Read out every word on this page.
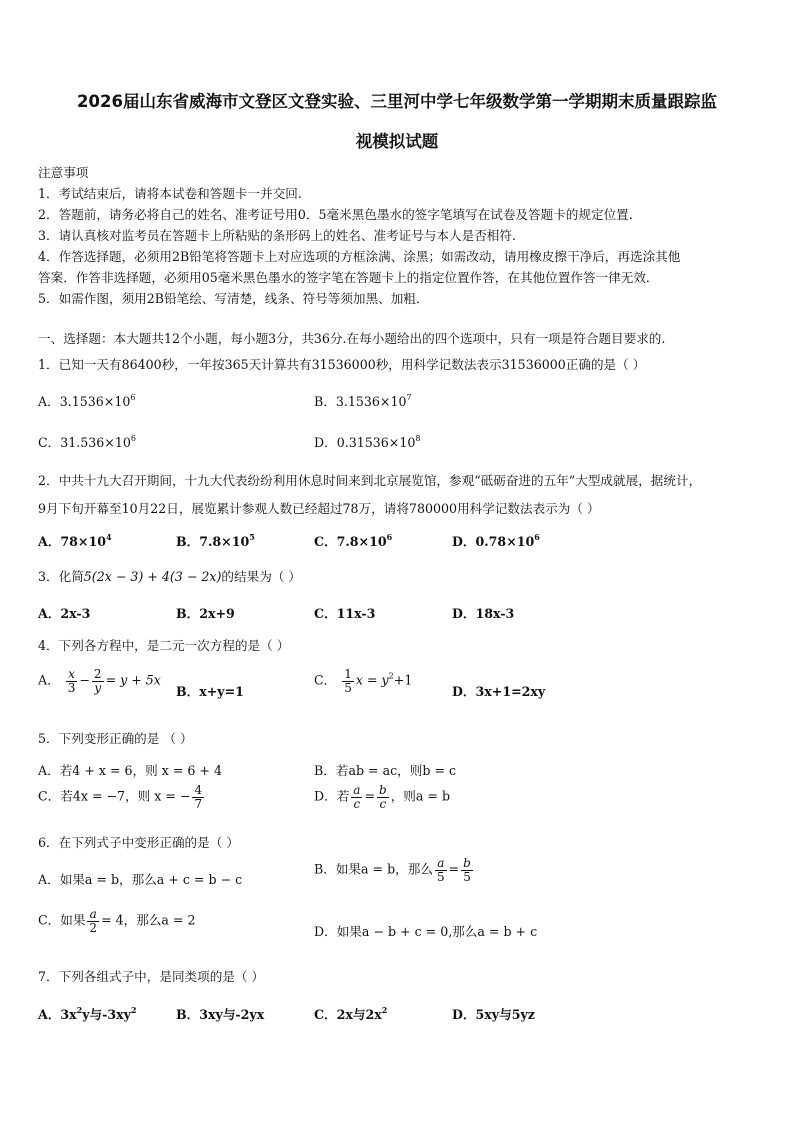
2026届山东省威海市文登区文登实验、三里河中学七年级数学第一学期期末质量跟踪监
视模拟试题
注意事项
1．考试结束后，请将本试卷和答题卡一并交回.
2．答题前，请务必将自己的姓名、准考证号用0．5毫米黑色墨水的签字笔填写在试卷及答题卡的规定位置.
3．请认真核对监考员在答题卡上所粘贴的条形码上的姓名、准考证号与本人是否相符.
4．作答选择题，必须用2B铅笔将答题卡上对应选项的方框涂满、涂黑；如需改动，请用橡皮擦干净后，再选涂其他
答案．作答非选择题，必须用05毫米黑色墨水的签字笔在答题卡上的指定位置作答，在其他位置作答一律无效．
5．如需作图，须用2B铅笔绘、写清楚，线条、符号等须加黑、加粗．
一、选择题：本大题共12个小题，每小题3分，共36分.在每小题给出的四个选项中，只有一项是符合题目要求的.
1．已知一天有86400秒，一年按365天计算共有31536000秒，用科学记数法表示31536000正确的是（ ）
A．$3.1536\times 10^6$	B．$3.1536\times 10^7$
C．$31.536\times 10^6$	D．$0.31536\times 10^8$
2．中共十九大召开期间，十九大代表纷纷利用休息时间来到北京展览馆，参观“砥砺奋进的五年”大型成就展，据统计，
9月下旬开幕至10月22日，展览累计参观人数已经超过78万，请将780000用科学记数法表示为（ ）
A．$78\times 10^4$	B．$7.8\times 10^5$	C．$7.8\times 10^6$	D．$0.78\times 10^6$
3．化简5(2x − 3) + 4(3 − 2x)的结果为（ ）
A．2x-3	B．2x+9	C．11x-3	D．18x-3
4．下列各方程中，是二元一次方程的是（ ）
A． $\frac{x}{3} - \frac{2}{y} = y + 5x$
B．x+y=1
C． $\frac{1}{5}$ $x = y^2+1$
D．3x+1=2xy
5．下列变形正确的是 （ ）
A．若4 + x = 6，则 x = 6 + 4	B．若ab = ac，则b = c
C．若4x = −7，则 x = − $\frac{4}{7}$	D．若 $\frac{a}{c} = \frac{b}{c}$ ，则a = b
6．在下列式子中变形正确的是（ ）
A．如果a = b，那么a + c = b − c
B．如果a = b，那么 $\frac{a}{5} = \frac{b}{5}$
C．如果 $\frac{a}{2} = 4$，那么a = 2
D．如果a − b + c = 0,那么a = b + c
7．下列各组式子中，是同类项的是（ ）
A．$3x^2y$与$-3xy^2$	B．3xy与-2yx	C．2x与$2x^2$	D．5xy与5yz
